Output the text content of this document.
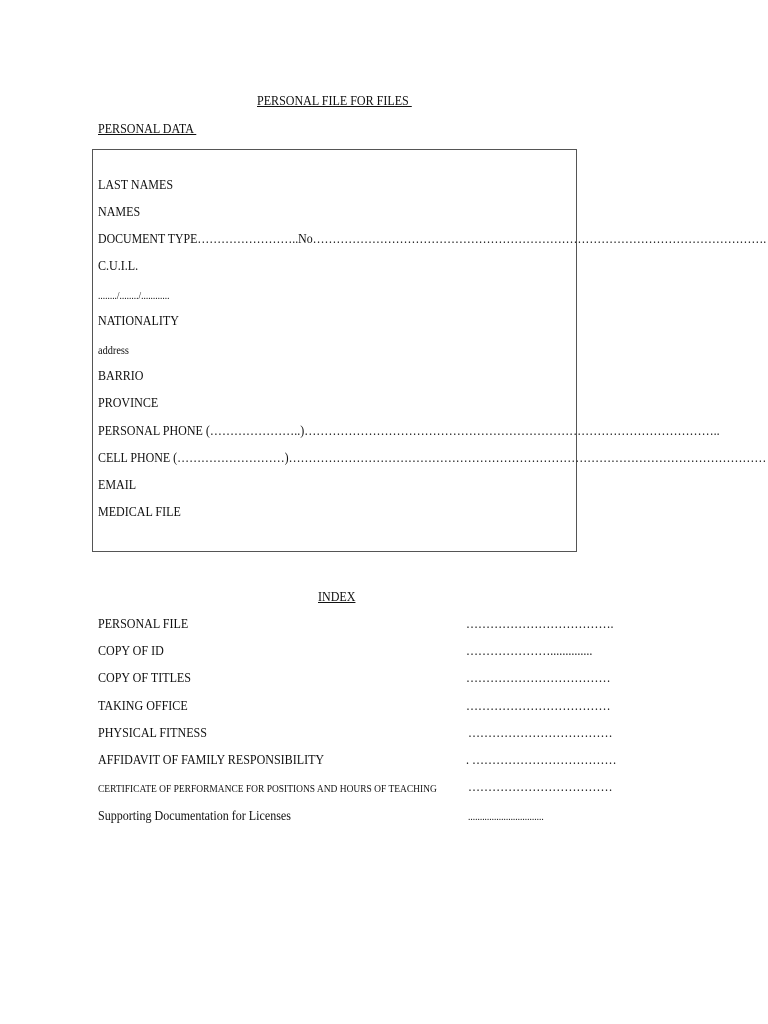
PERSONAL FILE FOR FILES
PERSONAL DATA
LAST NAMES
NAMES
DOCUMENT TYPE……………………..No…………………………………………………………………………………………………….
C.U.I.L.
......../......../............
NATIONALITY
address
BARRIO
PROVINCE
PERSONAL PHONE (…………………..)…………………………………………………………………………………………..
CELL PHONE (………………………)…………………………………………………………………………………………………………
EMAIL
MEDICAL FILE
INDEX
PERSONAL FILE	……………………………….
COPY OF ID	…………………..............
COPY OF TITLES	………………………………
TAKING OFFICE	………………………………
PHYSICAL FITNESS	………………………………
AFFIDAVIT OF FAMILY RESPONSIBILITY	. ………………………………
CERTIFICATE OF PERFORMANCE FOR POSITIONS AND HOURS OF TEACHING ………………………………
Supporting Documentation for Licenses	................................
